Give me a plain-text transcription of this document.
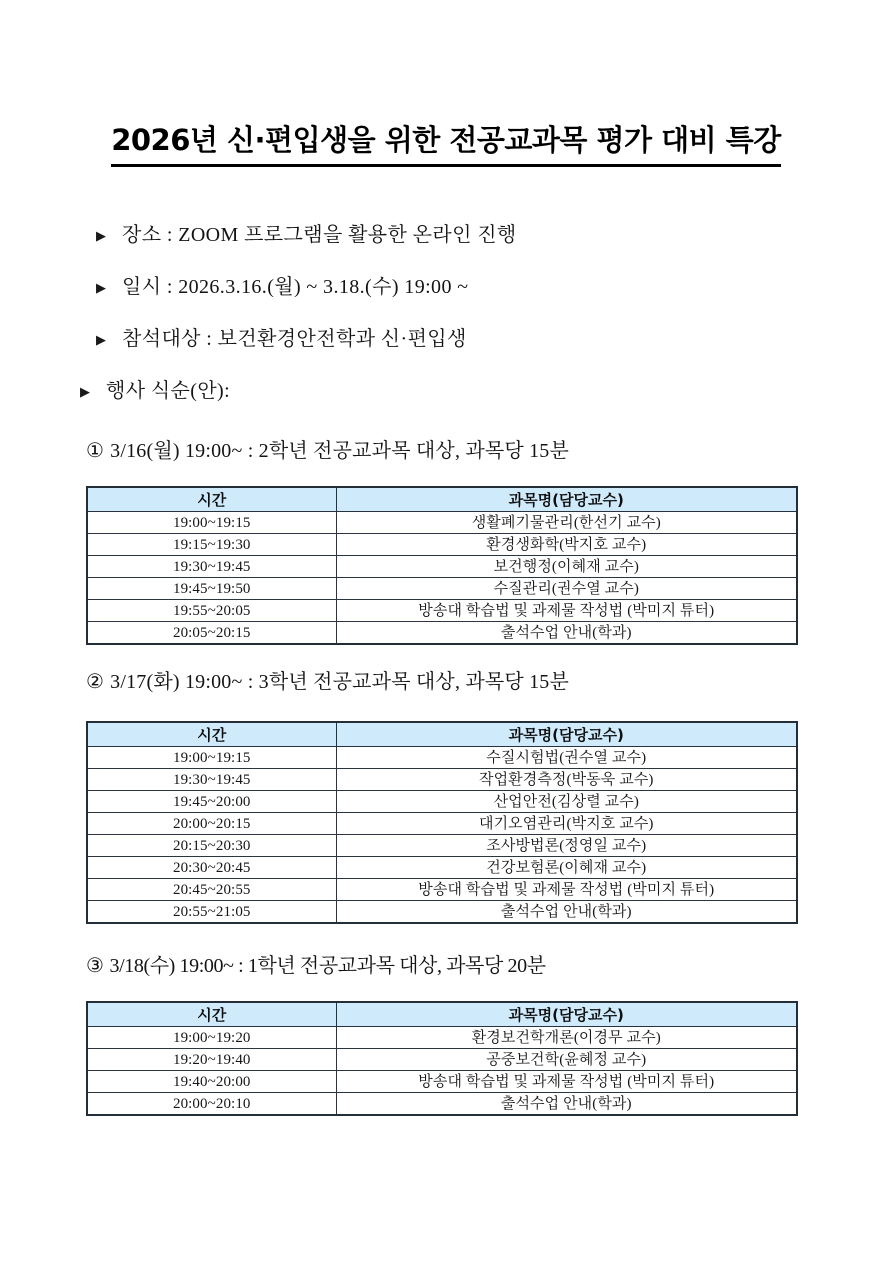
2026년 신·편입생을 위한 전공교과목 평가 대비 특강
▶ 장소 : ZOOM 프로그램을 활용한 온라인 진행
▶ 일시 : 2026.3.16.(월) ~ 3.18.(수) 19:00 ~
▶ 참석대상 : 보건환경안전학과 신·편입생
▶ 행사 식순(안):
① 3/16(월) 19:00~ : 2학년 전공교과목 대상, 과목당 15분
시간	과목명(담당교수)
19:00~19:15	생활폐기물관리(한선기 교수)
19:15~19:30	환경생화학(박지호 교수)
19:30~19:45	보건행정(이혜재 교수)
19:45~19:50	수질관리(권수열 교수)
19:55~20:05	방송대 학습법 및 과제물 작성법 (박미지 튜터)
20:05~20:15	출석수업 안내(학과)
② 3/17(화) 19:00~ : 3학년 전공교과목 대상, 과목당 15분
시간	과목명(담당교수)
19:00~19:15	수질시험법(권수열 교수)
19:30~19:45	작업환경측정(박동욱 교수)
19:45~20:00	산업안전(김상렬 교수)
20:00~20:15	대기오염관리(박지호 교수)
20:15~20:30	조사방법론(정영일 교수)
20:30~20:45	건강보험론(이혜재 교수)
20:45~20:55	방송대 학습법 및 과제물 작성법 (박미지 튜터)
20:55~21:05	출석수업 안내(학과)
③ 3/18(수) 19:00~ : 1학년 전공교과목 대상, 과목당 20분
시간	과목명(담당교수)
19:00~19:20	환경보건학개론(이경무 교수)
19:20~19:40	공중보건학(윤혜정 교수)
19:40~20:00	방송대 학습법 및 과제물 작성법 (박미지 튜터)
20:00~20:10	출석수업 안내(학과)
